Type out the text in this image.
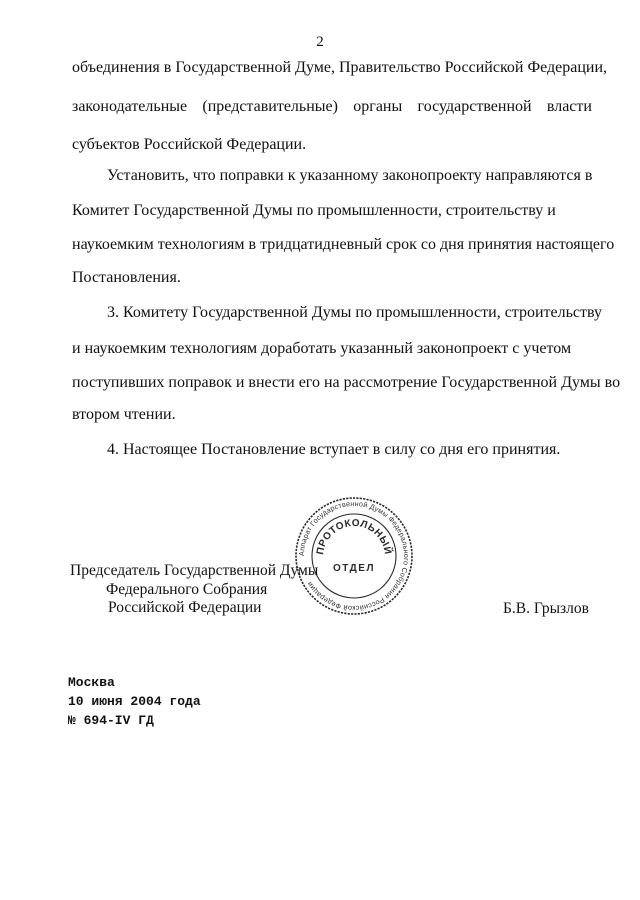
2
объединения в Государственной Думе, Правительство Российской Федерации,
законодательные (представительные) органы государственной власти
субъектов Российской Федерации.
Установить, что поправки к указанному законопроекту направляются в
Комитет Государственной Думы по промышленности, строительству и
наукоемким технологиям в тридцатидневный срок со дня принятия настоящего
Постановления.
3. Комитету Государственной Думы по промышленности, строительству
и наукоемким технологиям доработать указанный законопроект с учетом
поступивших поправок и внести его на рассмотрение Государственной Думы во
втором чтении.
4. Настоящее Постановление вступает в силу со дня его принятия.
Аппарат Государственной Думы Федерального Собрания Российской Федерации
ПРОТОКОЛЬНЫЙ
ОТДЕЛ
Председатель Государственной Думы
Федерального Собрания
Российской Федерации	Б.В. Грызлов
Москва
10 июня 2004 года
№ 694-IV ГД
